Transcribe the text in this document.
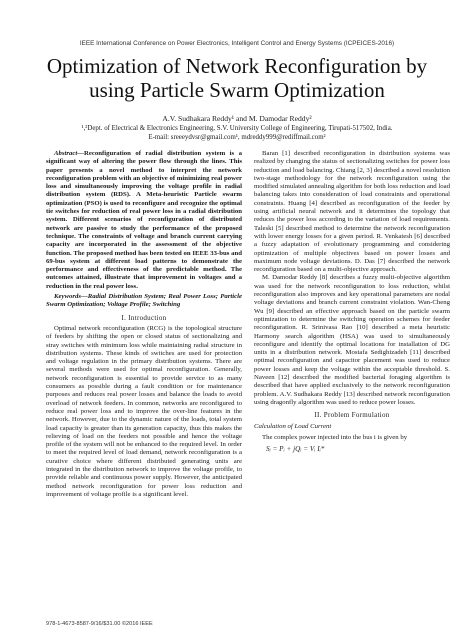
IEEE International Conference on Power Electronics, Intelligent Control and Energy Systems (ICPEICES-2016)
Optimization of Network Reconfiguration by using Particle Swarm Optimization
A.V. Sudhakara Reddy¹ and M. Damodar Reddy²
¹,²Dept. of Electrical & Electronics Engineering, S.V. University College of Engineering, Tirupati-517502, India.
E-mail: sreeeydvsr@gmail.com¹, mdreddy999@rediffmail.com²

Abstract—Reconfiguration of radial distribution system is a significant way of altering the power flow through the lines. This paper presents a novel method to interpret the network reconfiguration problem with an objective of minimizing real power loss and simultaneously improving the voltage profile in radial distribution system (RDS). A Meta-heuristic Particle swarm optimization (PSO) is used to reconfigure and recognize the optimal tie switches for reduction of real power loss in a radial distribution system. Different scenarios of reconfiguration of distributed network are passive to study the performance of the proposed technique. The constraints of voltage and branch current carrying capacity are incorporated in the assessment of the objective function. The proposed method has been tested on IEEE 33-bus and 69-bus system at different load patterns to demonstrate the performance and effectiveness of the predictable method. The outcomes attained, illustrate that improvement in voltages and a reduction in the real power loss.

Keywords—Radial Distribution System; Real Power Loss; Particle Swarm Optimization; Voltage Profile; Switching

I. Introduction

Optimal network reconfiguration (RCG) is the topological structure of feeders by shifting the open or closed status of sectionalizing and stray switches with minimum loss while maintaining radial structure in distribution systems. These kinds of switches are used for protection and voltage regulation in the primary distribution systems. There are several methods were used for optimal reconfiguration. Generally, network reconfiguration is essential to provide service to as many consumers as possible during a fault condition or for maintenance purposes and reduces real power losses and balance the loads to avoid overload of network feeders. In common, networks are reconfigured to reduce real power loss and to improve the over-line features in the network. However, due to the dynamic nature of the loads, total system load capacity is greater than its generation capacity, thus this makes the relieving of load on the feeders not possible and hence the voltage profile of the system will not be enhanced to the required level. In order to meet the required level of load demand, network reconfiguration is a curative choice where different distributed generating units are integrated in the distribution network to improve the voltage profile, to provide reliable and continuous power supply. However, the anticipated method network reconfiguration for power loss reduction and improvement of voltage profile is a significant level.

Baran [1] described reconfiguration in distribution systems was realized by changing the status of sectionalizing switches for power loss reduction and load balancing. Chiang [2, 3] described a novel resolution two-stage methodology for the network reconfiguration using the modified simulated annealing algorithm for both loss reduction and load balancing takes into consideration of load constraints and operational constraints. Huang [4] described as reconfiguration of the feeder by using artificial neural network and it determines the topology that reduces the power loss according to the variation of load requirements. Taleski [5] described method to determine the network reconfiguration with lower energy losses for a given period. R. Venkatesh [6] described a fuzzy adaptation of evolutionary programming and considering optimization of multiple objectives based on power losses and maximum node voltage deviations. D. Das [7] described the network reconfiguration based on a multi-objective approach.

M. Damodar Reddy [8] describes a fuzzy multi-objective algorithm was used for the network reconfiguration to loss reduction, whilst reconfiguration also improves and key operational parameters are nodal voltage deviations and branch current constraint violation. Wan-Cheng Wu [9] described an effective approach based on the particle swarm optimization to determine the switching operation schemes for feeder reconfiguration. R. Srinivasa Rao [10] described a meta heuristic Harmony search algorithm (HSA) was used to simultaneously reconfigure and identify the optimal locations for installation of DG units in a distribution network. Mostafa Sedighizadeh [11] described optimal reconfiguration and capacitor placement was used to reduce power losses and keep the voltage within the acceptable threshold. S. Naveen [12] described the modified bacterial foraging algorithm is described that have applied exclusively to the network reconfiguration problem. A.V. Sudhakara Reddy [13] described network reconfiguration using dragonfly algorithm was used to reduce power losses.

II. Problem Formulation
Calculation of Load Current

The complex power injected into the bus i is given by

Sᵢ = Pᵢ + jQᵢ = Vᵢ Iᵢ*
978-1-4673-8587-9/16/$31.00 ©2016 IEEE
